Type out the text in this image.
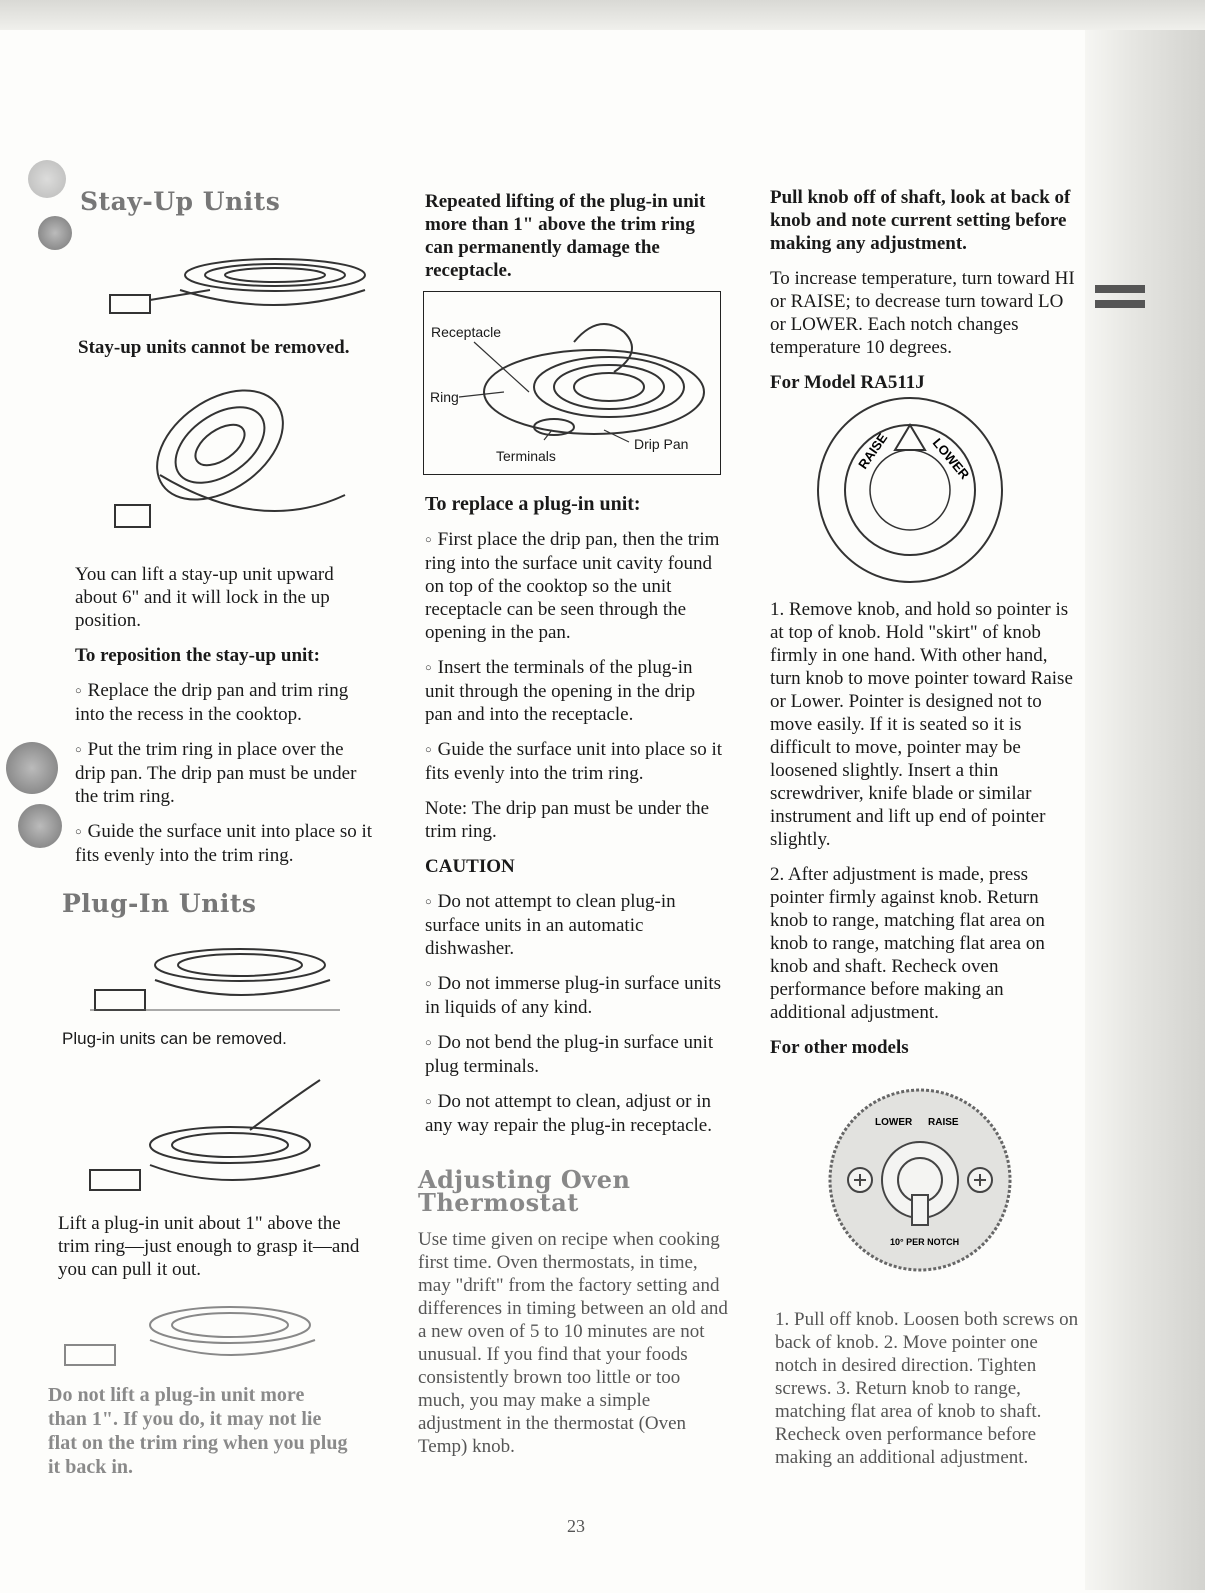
Stay-Up Units

Stay-up units cannot be removed.

You can lift a stay-up unit upward about 6" and it will lock in the up position.

To reposition the stay-up unit:

○ Replace the drip pan and trim ring into the recess in the cooktop.

○ Put the trim ring in place over the drip pan. The drip pan must be under the trim ring.

○ Guide the surface unit into place so it fits evenly into the trim ring.

Plug-In Units

Plug-in units can be removed.

Lift a plug-in unit about 1" above the trim ring—just enough to grasp it—and you can pull it out.

Do not lift a plug-in unit more than 1". If you do, it may not lie flat on the trim ring when you plug it back in.

Repeated lifting of the plug-in unit more than 1" above the trim ring can permanently damage the receptacle.

Receptacle
Ring
Drip Pan
Terminals

To replace a plug-in unit:

○ First place the drip pan, then the trim ring into the surface unit cavity found on top of the cooktop so the unit receptacle can be seen through the opening in the pan.

○ Insert the terminals of the plug-in unit through the opening in the drip pan and into the receptacle.

○ Guide the surface unit into place so it fits evenly into the trim ring.

Note: The drip pan must be under the trim ring.

CAUTION

○ Do not attempt to clean plug-in surface units in an automatic dishwasher.

○ Do not immerse plug-in surface units in liquids of any kind.

○ Do not bend the plug-in surface unit plug terminals.

○ Do not attempt to clean, adjust or in any way repair the plug-in receptacle.

Adjusting Oven Thermostat

Use time given on recipe when cooking first time. Oven thermostats, in time, may "drift" from the factory setting and differences in timing between an old and a new oven of 5 to 10 minutes are not unusual. If you find that your foods consistently brown too little or too much, you may make a simple adjustment in the thermostat (Oven Temp) knob.

Pull knob off of shaft, look at back of knob and note current setting before making any adjustment.

To increase temperature, turn toward HI or RAISE; to decrease turn toward LO or LOWER. Each notch changes temperature 10 degrees.

For Model RA511J

RAISE	LOWER

1. Remove knob, and hold so pointer is at top of knob. Hold "skirt" of knob firmly in one hand. With other hand, turn knob to move pointer toward Raise or Lower. Pointer is designed not to move easily. If it is seated so it is difficult to move, pointer may be loosened slightly. Insert a thin screwdriver, knife blade or similar instrument and lift up end of pointer slightly.

2. After adjustment is made, press pointer firmly against knob. Return knob to range, matching flat area on knob to range, matching flat area on knob and shaft. Recheck oven performance before making an additional adjustment.

For other models

LOWER RAISE
10° PER NOTCH

1. Pull off knob. Loosen both screws on back of knob. 2. Move pointer one notch in desired direction. Tighten screws. 3. Return knob to range, matching flat area of knob to shaft. Recheck oven performance before making an additional adjustment.

23
